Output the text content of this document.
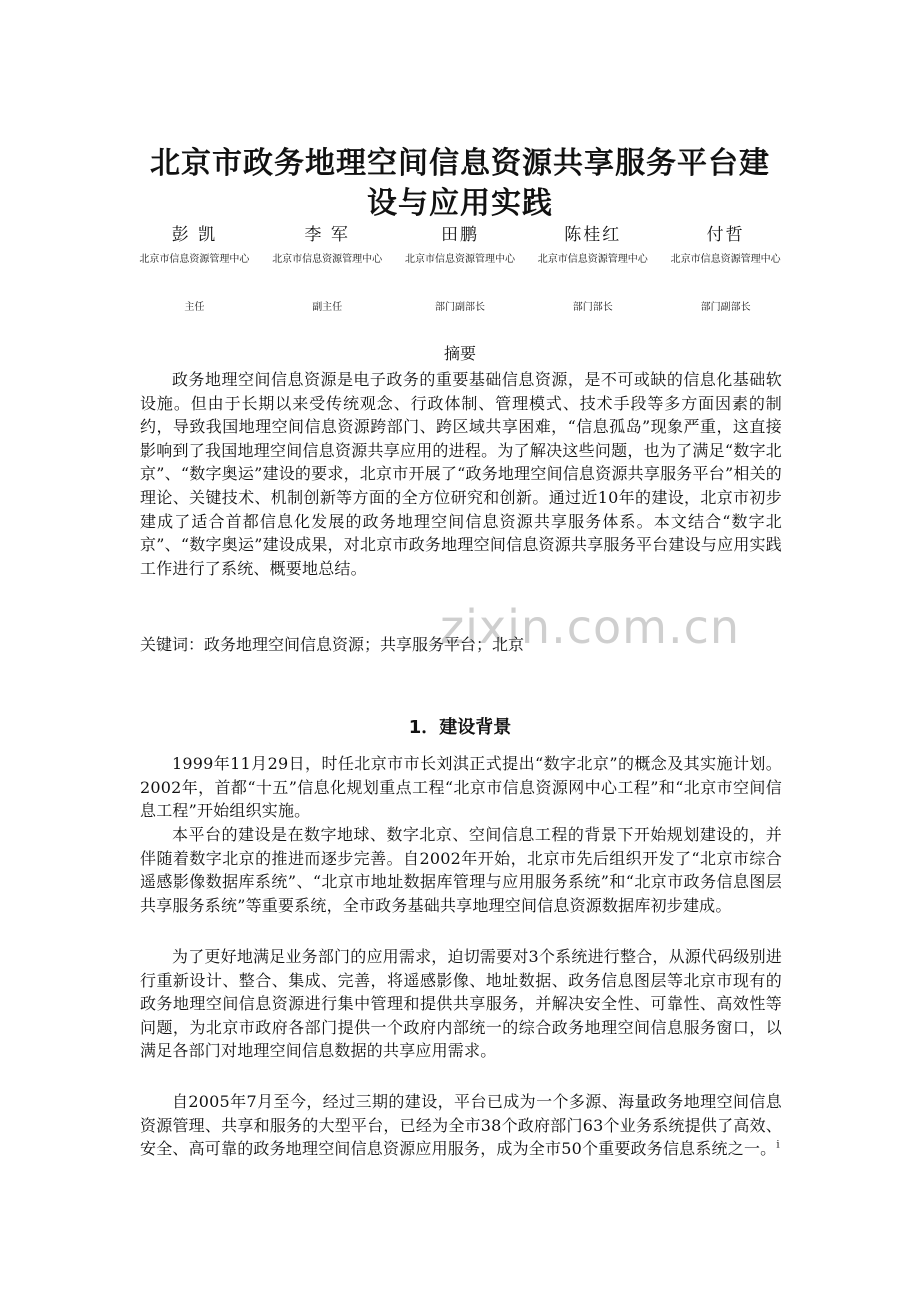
北京市政务地理空间信息资源共享服务平台建
设与应用实践
彭 凯
北京市信息资源管理中心
主任
李 军
北京市信息资源管理中心
副主任
田鹏
北京市信息资源管理中心
部门副部长
陈桂红
北京市信息资源管理中心
部门部长
付哲
北京市信息资源管理中心
部门副部长
摘要

政务地理空间信息资源是电子政务的重要基础信息资源，是不可或缺的信息化基础软设施。但由于长期以来受传统观念、行政体制、管理模式、技术手段等多方面因素的制约，导致我国地理空间信息资源跨部门、跨区域共享困难，“信息孤岛”现象严重，这直接影响到了我国地理空间信息资源共享应用的进程。为了解决这些问题，也为了满足“数字北京”、“数字奥运”建设的要求，北京市开展了“政务地理空间信息资源共享服务平台”相关的理论、关键技术、机制创新等方面的全方位研究和创新。通过近10年的建设，北京市初步建成了适合首都信息化发展的政务地理空间信息资源共享服务体系。本文结合“数字北京”、“数字奥运”建设成果，对北京市政务地理空间信息资源共享服务平台建设与应用实践工作进行了系统、概要地总结。

zixin.com.cn
关键词：政务地理空间信息资源；共享服务平台；北京
1．建设背景

1999年11月29日，时任北京市市长刘淇正式提出“数字北京”的概念及其实施计划。2002年，首都“十五”信息化规划重点工程“北京市信息资源网中心工程”和“北京市空间信息工程”开始组织实施。

本平台的建设是在数字地球、数字北京、空间信息工程的背景下开始规划建设的，并伴随着数字北京的推进而逐步完善。自2002年开始，北京市先后组织开发了“北京市综合遥感影像数据库系统”、“北京市地址数据库管理与应用服务系统”和“北京市政务信息图层共享服务系统”等重要系统，全市政务基础共享地理空间信息资源数据库初步建成。

为了更好地满足业务部门的应用需求，迫切需要对3个系统进行整合，从源代码级别进行重新设计、整合、集成、完善，将遥感影像、地址数据、政务信息图层等北京市现有的政务地理空间信息资源进行集中管理和提供共享服务，并解决安全性、可靠性、高效性等问题，为北京市政府各部门提供一个政府内部统一的综合政务地理空间信息服务窗口，以满足各部门对地理空间信息数据的共享应用需求。

自2005年7月至今，经过三期的建设，平台已成为一个多源、海量政务地理空间信息资源管理、共享和服务的大型平台，已经为全市38个政府部门63个业务系统提供了高效、安全、高可靠的政务地理空间信息资源应用服务，成为全市50个重要政务信息系统之一。$^i$
